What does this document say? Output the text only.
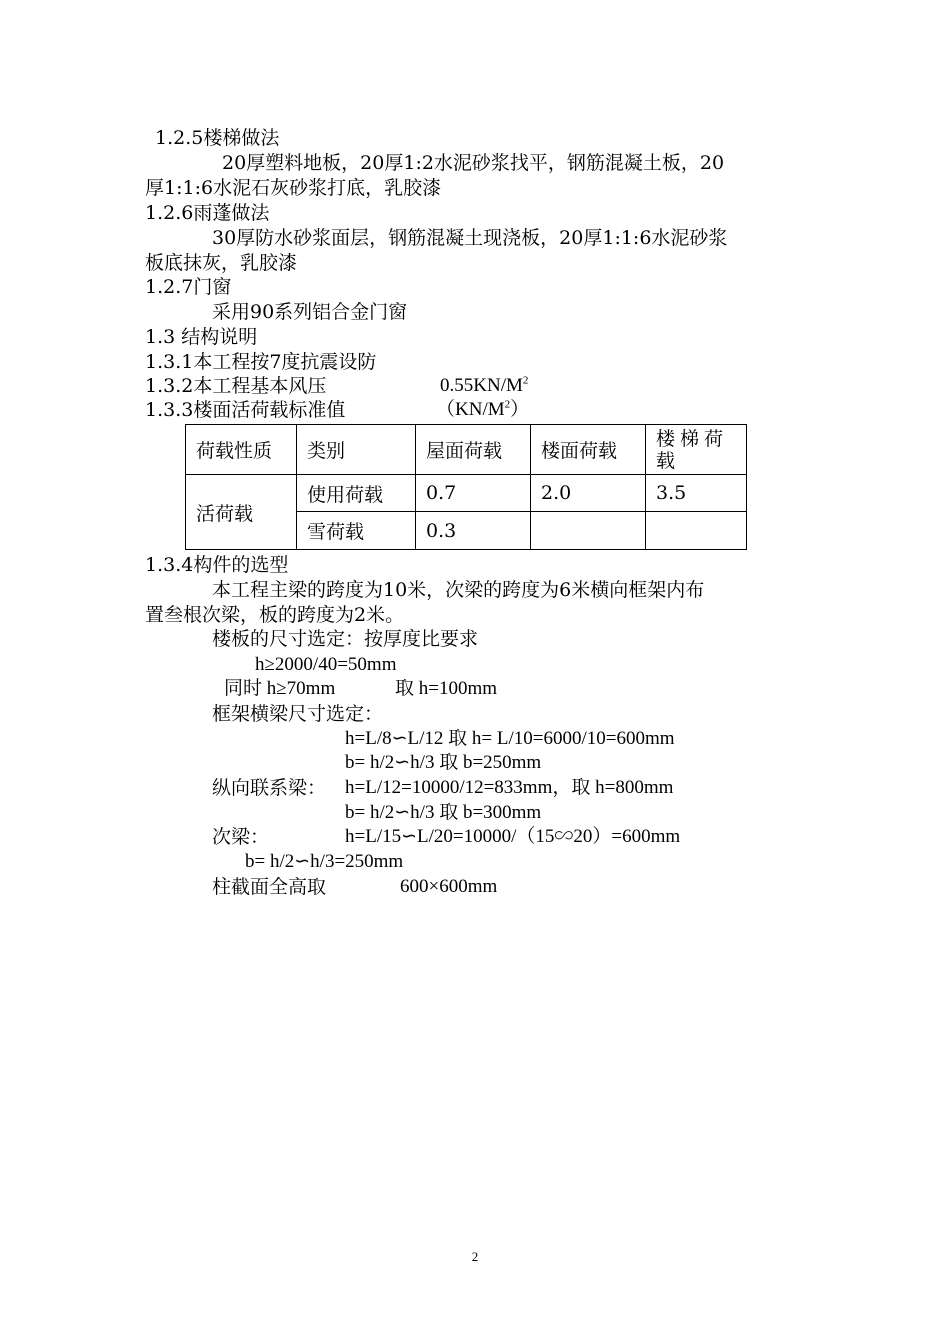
1.2.5楼梯做法
20厚塑料地板，20厚1:2水泥砂浆找平，钢筋混凝土板，20
厚1:1:6水泥石灰砂浆打底，乳胶漆
1.2.6雨蓬做法
30厚防水砂浆面层，钢筋混凝土现浇板，20厚1:1:6水泥砂浆
板底抹灰，乳胶漆
1.2.7门窗
采用90系列铝合金门窗
1.3 结构说明
1.3.1本工程按7度抗震设防
1.3.2本工程基本风压	$0.55KN/M^2$
1.3.3楼面活荷载标准值	$(KN/M^2)$
荷载性质	类别	屋面荷载	楼面荷载	楼梯荷载
活荷载	使用荷载	0.7	2.0	3.5
	雪荷载	0.3		
1.3.4构件的选型
本工程主梁的跨度为10米，次梁的跨度为6米横向框架内布
置叁根次梁，板的跨度为2米。
楼板的尺寸选定：按厚度比要求
h≥2000/40=50mm
同时 h≥70mm	取 h=100mm
框架横梁尺寸选定：
h=L/8∽L/12 取 h= L/10=6000/10=600mm
b= h/2∽h/3 取 b=250mm
纵向联系梁： h=L/12=10000/12=833mm，取 h=800mm
b= h/2∽h/3 取 b=300mm
次梁：	h=L/15∽L/20=10000/（15∽20）=600mm
b= h/2∽h/3=250mm
柱截面全高取	600×600mm
2
